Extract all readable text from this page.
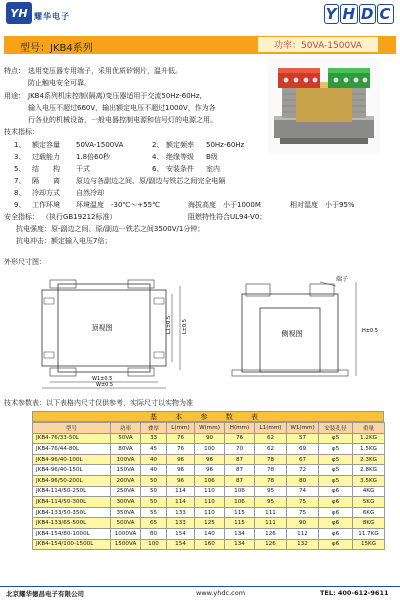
YH 耀华电子	Y H D C
型号：JKB4系列	功率：50VA-1500VA
特点： 选用变压器专用端子，采用优质矽钢片，温升低。
防止触电安全可靠。
用途： JKB4系列机床控制(隔离)变压器适用于交流50Hz-60Hz,
输入电压不超过660V，输出额定电压不超过1000V，作为各
行各业的机械设备，一般电器控制电源和信号灯的电源之用。
技术指标：
1、 额定容量 50VA-1500VA	2、 额定频率 50Hz-60Hz
3、 过载能力 1.8倍60秒	4、 绝缘等级 B级
5、 结　　构 干式	6、 安装条件 室内
7、 隔　　离 原边与各副边之间、原/副边与铁芯之间完全电隔
8、 冷却方式 自然冷却
9、 工作环境 环境温度　-30℃～+55℃	海拔高度　小于1000M	相对湿度　小于95%
安全指标： （执行GB19212标准）	阻燃特性符合UL94-V0；
抗电强度：原-副边之间、原/副边一铁芯之间3500V/1分钟；
抗电冲击：额定输入电压7倍；
外形尺寸图：
顶视图	L1±0.5 L±0.5
W1±0.5
W±0.5
侧视图
端子
H±0.5
技术参数表：以下表格内尺寸仅供参考，实际尺寸以实物为准
基 本 参 数 表
型号	功率	叠厚	L(mm)	W(mm)	H(mm)	L1(mm)	W1(mm)	安装孔径	重量
JKB4-76/33-50L	50VA	33	76	90	76	62	57	φ5	1.2KG
JKB4-76/44-80L	80VA	45	76	100	70	62	69	φ5	1.5KG
JKB4-96/40-100L	100VA	40	96	96	87	78	67	φ5	2.3KG
JKB4-96/40-150L	150VA	40	96	96	87	78	72	φ5	2.8KG
JKB4-96/50-200L	200VA	50	96	106	87	78	80	φ5	3.5KG
JKB4-114/50-250L	250VA	50	114	110	106	95	74	φ6	4KG
JKB4-114/50-300L	300VA	50	114	110	106	95	75	φ6	5KG
JKB4-133/50-350L	350VA	55	133	110	115	111	75	φ6	6KG
JKB4-133/65-500L	500VA	65	133	125	115	111	90	φ6	8KG
JKB4-154/80-1000L	1000VA	80	154	140	134	126	112	φ6	11.7KG
JKB4-154/100-1500L	1500VA	100	154	160	134	126	132	φ6	15KG
北京耀华德昌电子有限公司	www.yhdc.com	TEL: 400-612-9611
